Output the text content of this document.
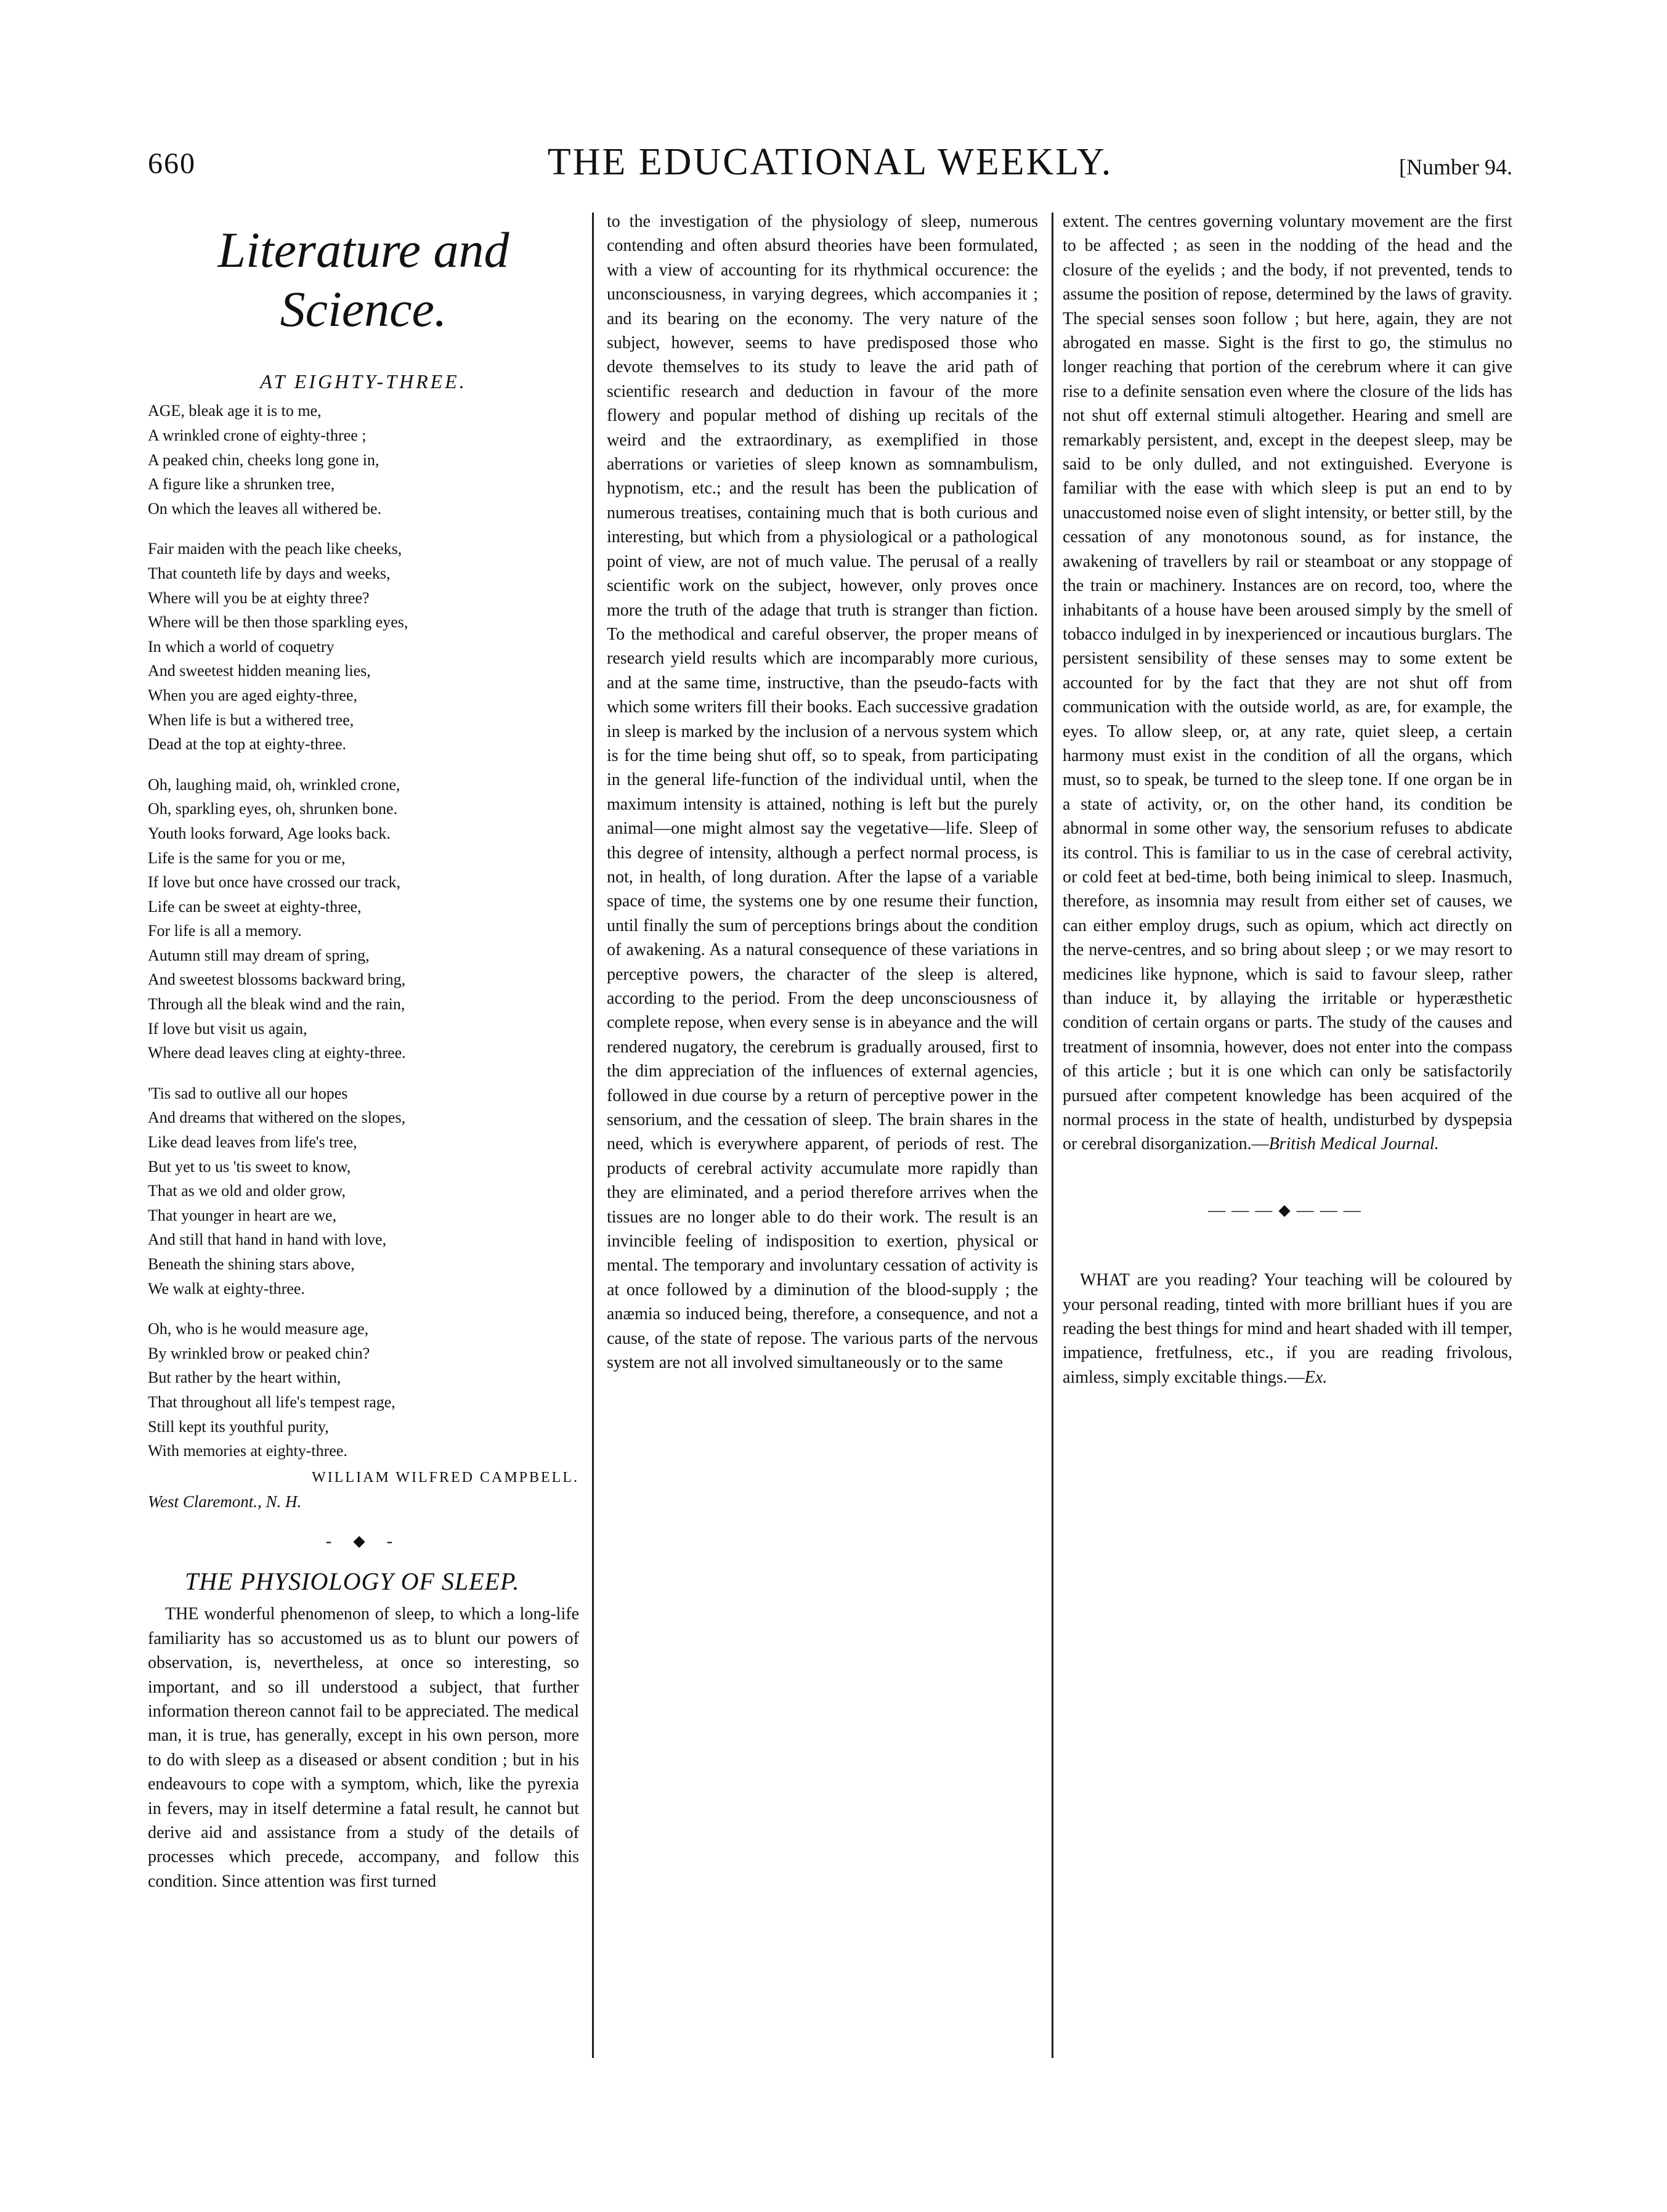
660	THE EDUCATIONAL WEEKLY.	[Number 94.
Literature and Science.
AT EIGHTY-THREE.
AGE, bleak age it is to me,
A wrinkled crone of eighty-three ;
A peaked chin, cheeks long gone in,
A figure like a shrunken tree,
On which the leaves all withered be.
Fair maiden with the peach like cheeks,
That counteth life by days and weeks,
Where will you be at eighty three?
Where will be then those sparkling eyes,
In which a world of coquetry
And sweetest hidden meaning lies,
When you are aged eighty-three,
When life is but a withered tree,
Dead at the top at eighty-three.
Oh, laughing maid, oh, wrinkled crone,
Oh, sparkling eyes, oh, shrunken bone.
Youth looks forward, Age looks back.
Life is the same for you or me,
If love but once have crossed our track,
Life can be sweet at eighty-three,
For life is all a memory.
Autumn still may dream of spring,
And sweetest blossoms backward bring,
Through all the bleak wind and the rain,
If love but visit us again,
Where dead leaves cling at eighty-three.
'Tis sad to outlive all our hopes
And dreams that withered on the slopes,
Like dead leaves from life's tree,
But yet to us 'tis sweet to know,
That as we old and older grow,
That younger in heart are we,
And still that hand in hand with love,
Beneath the shining stars above,
We walk at eighty-three.
Oh, who is he would measure age,
By wrinkled brow or peaked chin?
But rather by the heart within,
That throughout all life's tempest rage,
Still kept its youthful purity,
With memories at eighty-three.
WILLIAM WILFRED CAMPBELL.
West Claremont., N. H.
- ⬥ -
THE PHYSIOLOGY OF SLEEP.

THE wonderful phenomenon of sleep, to which a long-life familiarity has so accustomed us as to blunt our powers of observation, is, nevertheless, at once so interesting, so important, and so ill understood a subject, that further information thereon cannot fail to be appreciated. The medical man, it is true, has generally, except in his own person, more to do with sleep as a diseased or absent condition ; but in his endeavours to cope with a symptom, which, like the pyrexia in fevers, may in itself determine a fatal result, he cannot but derive aid and assistance from a study of the details of processes which precede, accompany, and follow this condition. Since attention was first turned

to the investigation of the physiology of sleep, numerous contending and often absurd theories have been formulated, with a view of accounting for its rhythmical occurence: the unconsciousness, in varying degrees, which accompanies it ; and its bearing on the economy. The very nature of the subject, however, seems to have predisposed those who devote themselves to its study to leave the arid path of scientific research and deduction in favour of the more flowery and popular method of dishing up recitals of the weird and the extraordinary, as exemplified in those aberrations or varieties of sleep known as somnambulism, hypnotism, etc.; and the result has been the publication of numerous treatises, containing much that is both curious and interesting, but which from a physiological or a pathological point of view, are not of much value. The perusal of a really scientific work on the subject, however, only proves once more the truth of the adage that truth is stranger than fiction. To the methodical and careful observer, the proper means of research yield results which are incomparably more curious, and at the same time, instructive, than the pseudo-facts with which some writers fill their books. Each successive gradation in sleep is marked by the inclusion of a nervous system which is for the time being shut off, so to speak, from participating in the general life-function of the individual until, when the maximum intensity is attained, nothing is left but the purely animal—one might almost say the vegetative—life. Sleep of this degree of intensity, although a perfect normal process, is not, in health, of long duration. After the lapse of a variable space of time, the systems one by one resume their function, until finally the sum of perceptions brings about the condition of awakening. As a natural consequence of these variations in perceptive powers, the character of the sleep is altered, according to the period. From the deep unconsciousness of complete repose, when every sense is in abeyance and the will rendered nugatory, the cerebrum is gradually aroused, first to the dim appreciation of the influences of external agencies, followed in due course by a return of perceptive power in the sensorium, and the cessation of sleep. The brain shares in the need, which is everywhere apparent, of periods of rest. The products of cerebral activity accumulate more rapidly than they are eliminated, and a period therefore arrives when the tissues are no longer able to do their work. The result is an invincible feeling of indisposition to exertion, physical or mental. The temporary and involuntary cessation of activity is at once followed by a diminution of the blood-supply ; the anæmia so induced being, therefore, a consequence, and not a cause, of the state of repose. The various parts of the nervous system are not all involved simultaneously or to the same

extent. The centres governing voluntary movement are the first to be affected ; as seen in the nodding of the head and the closure of the eyelids ; and the body, if not prevented, tends to assume the position of repose, determined by the laws of gravity. The special senses soon follow ; but here, again, they are not abrogated en masse. Sight is the first to go, the stimulus no longer reaching that portion of the cerebrum where it can give rise to a definite sensation even where the closure of the lids has not shut off external stimuli altogether. Hearing and smell are remarkably persistent, and, except in the deepest sleep, may be said to be only dulled, and not extinguished. Everyone is familiar with the ease with which sleep is put an end to by unaccustomed noise even of slight intensity, or better still, by the cessation of any monotonous sound, as for instance, the awakening of travellers by rail or steamboat or any stoppage of the train or machinery. Instances are on record, too, where the inhabitants of a house have been aroused simply by the smell of tobacco indulged in by inexperienced or incautious burglars. The persistent sensibility of these senses may to some extent be accounted for by the fact that they are not shut off from communication with the outside world, as are, for example, the eyes. To allow sleep, or, at any rate, quiet sleep, a certain harmony must exist in the condition of all the organs, which must, so to speak, be turned to the sleep tone. If one organ be in a state of activity, or, on the other hand, its condition be abnormal in some other way, the sensorium refuses to abdicate its control. This is familiar to us in the case of cerebral activity, or cold feet at bed-time, both being inimical to sleep. Inasmuch, therefore, as insomnia may result from either set of causes, we can either employ drugs, such as opium, which act directly on the nerve-centres, and so bring about sleep ; or we may resort to medicines like hypnone, which is said to favour sleep, rather than induce it, by allaying the irritable or hyperæsthetic condition of certain organs or parts. The study of the causes and treatment of insomnia, however, does not enter into the compass of this article ; but it is one which can only be satisfactorily pursued after competent knowledge has been acquired of the normal process in the state of health, undisturbed by dyspepsia or cerebral disorganization.—British Medical Journal.

———⬥———

WHAT are you reading? Your teaching will be coloured by your personal reading, tinted with more brilliant hues if you are reading the best things for mind and heart shaded with ill temper, impatience, fretfulness, etc., if you are reading frivolous, aimless, simply excitable things.—Ex.
